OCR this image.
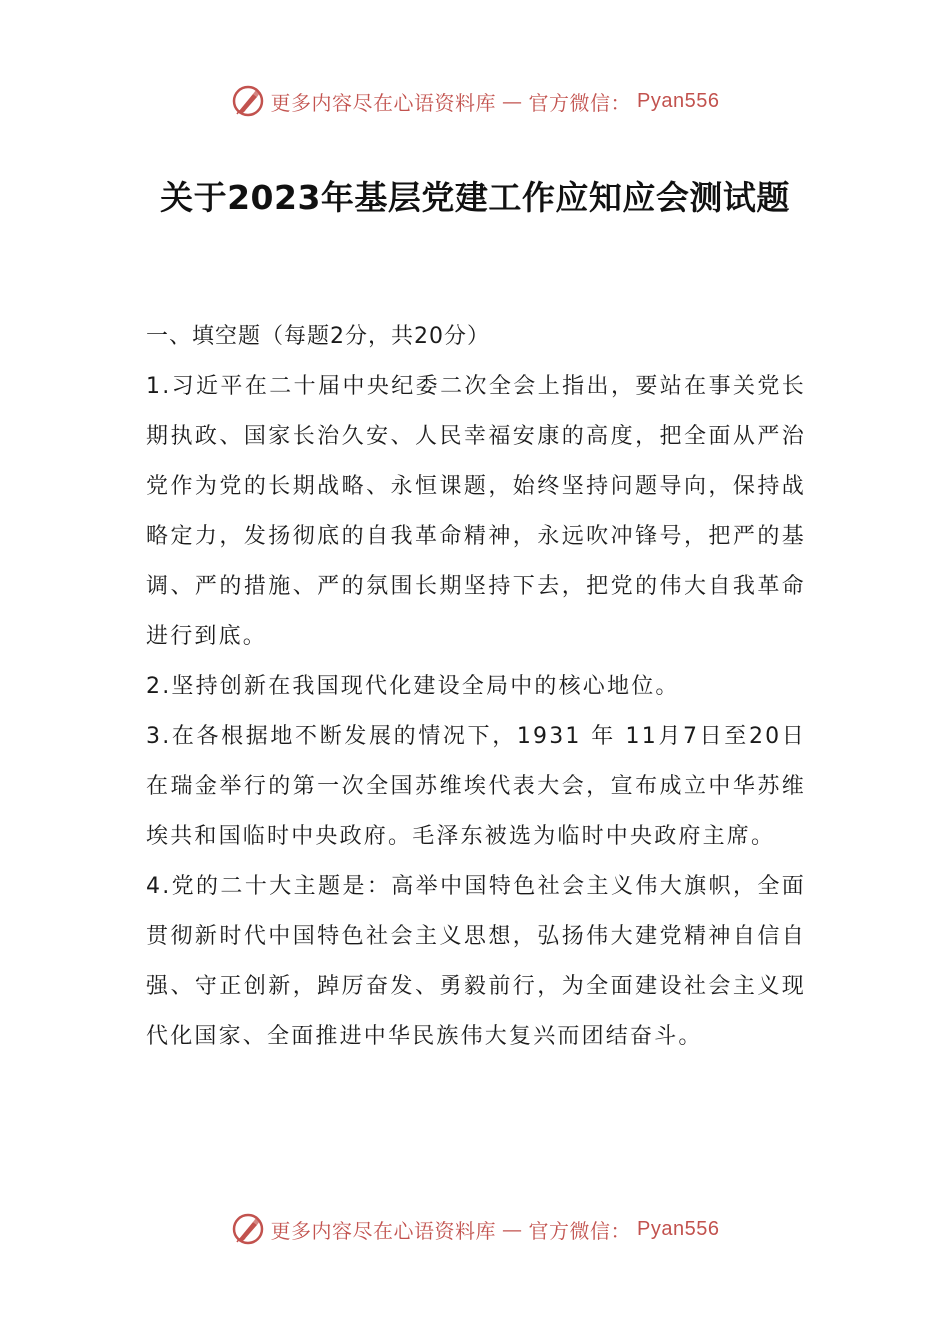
更多内容尽在心语资料库 — 官方微信： Pyan556
关于2023年基层党建工作应知应会测试题

一、填空题（每题2分，共20分）

1.习近平在二十届中央纪委二次全会上指出，要站在事关党长期执政、国家长治久安、人民幸福安康的高度，把全面从严治党作为党的长期战略、永恒课题，始终坚持问题导向，保持战略定力，发扬彻底的自我革命精神，永远吹冲锋号，把严的基调、严的措施、严的氛围长期坚持下去，把党的伟大自我革命进行到底。

2.坚持创新在我国现代化建设全局中的核心地位。

3.在各根据地不断发展的情况下，1931 年 11月7日至20日在瑞金举行的第一次全国苏维埃代表大会，宣布成立中华苏维埃共和国临时中央政府。毛泽东被选为临时中央政府主席。

4.党的二十大主题是：高举中国特色社会主义伟大旗帜，全面贯彻新时代中国特色社会主义思想，弘扬伟大建党精神自信自强、守正创新，踔厉奋发、勇毅前行，为全面建设社会主义现代化国家、全面推进中华民族伟大复兴而团结奋斗。

更多内容尽在心语资料库 — 官方微信： Pyan556
